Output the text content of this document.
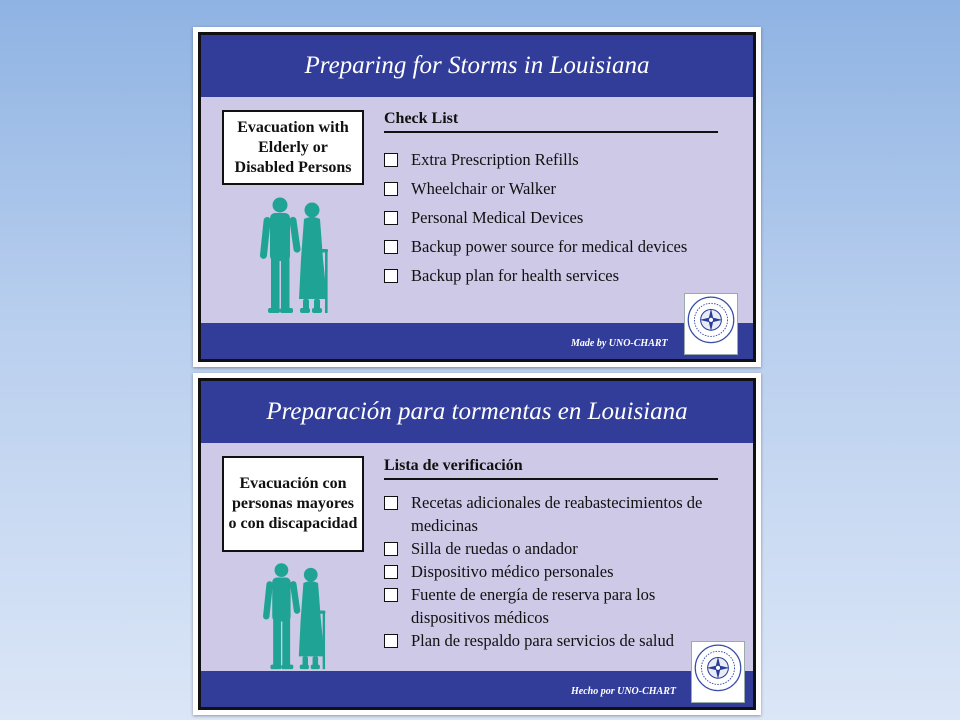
Preparing for Storms in Louisiana
Evacuation with Elderly or Disabled Persons
Check List
Extra Prescription Refills
Wheelchair or Walker
Personal Medical Devices
Backup power source for medical devices
Backup plan for health services
Made by UNO-CHART
Preparación para tormentas en Louisiana
Evacuación con personas mayores o con discapacidad
Lista de verificación
Recetas adicionales de reabastecimientos de medicinas
Silla de ruedas o andador
Dispositivo médico personales
Fuente de energía de reserva para los dispositivos médicos
Plan de respaldo para servicios de salud
Hecho por UNO-CHART
